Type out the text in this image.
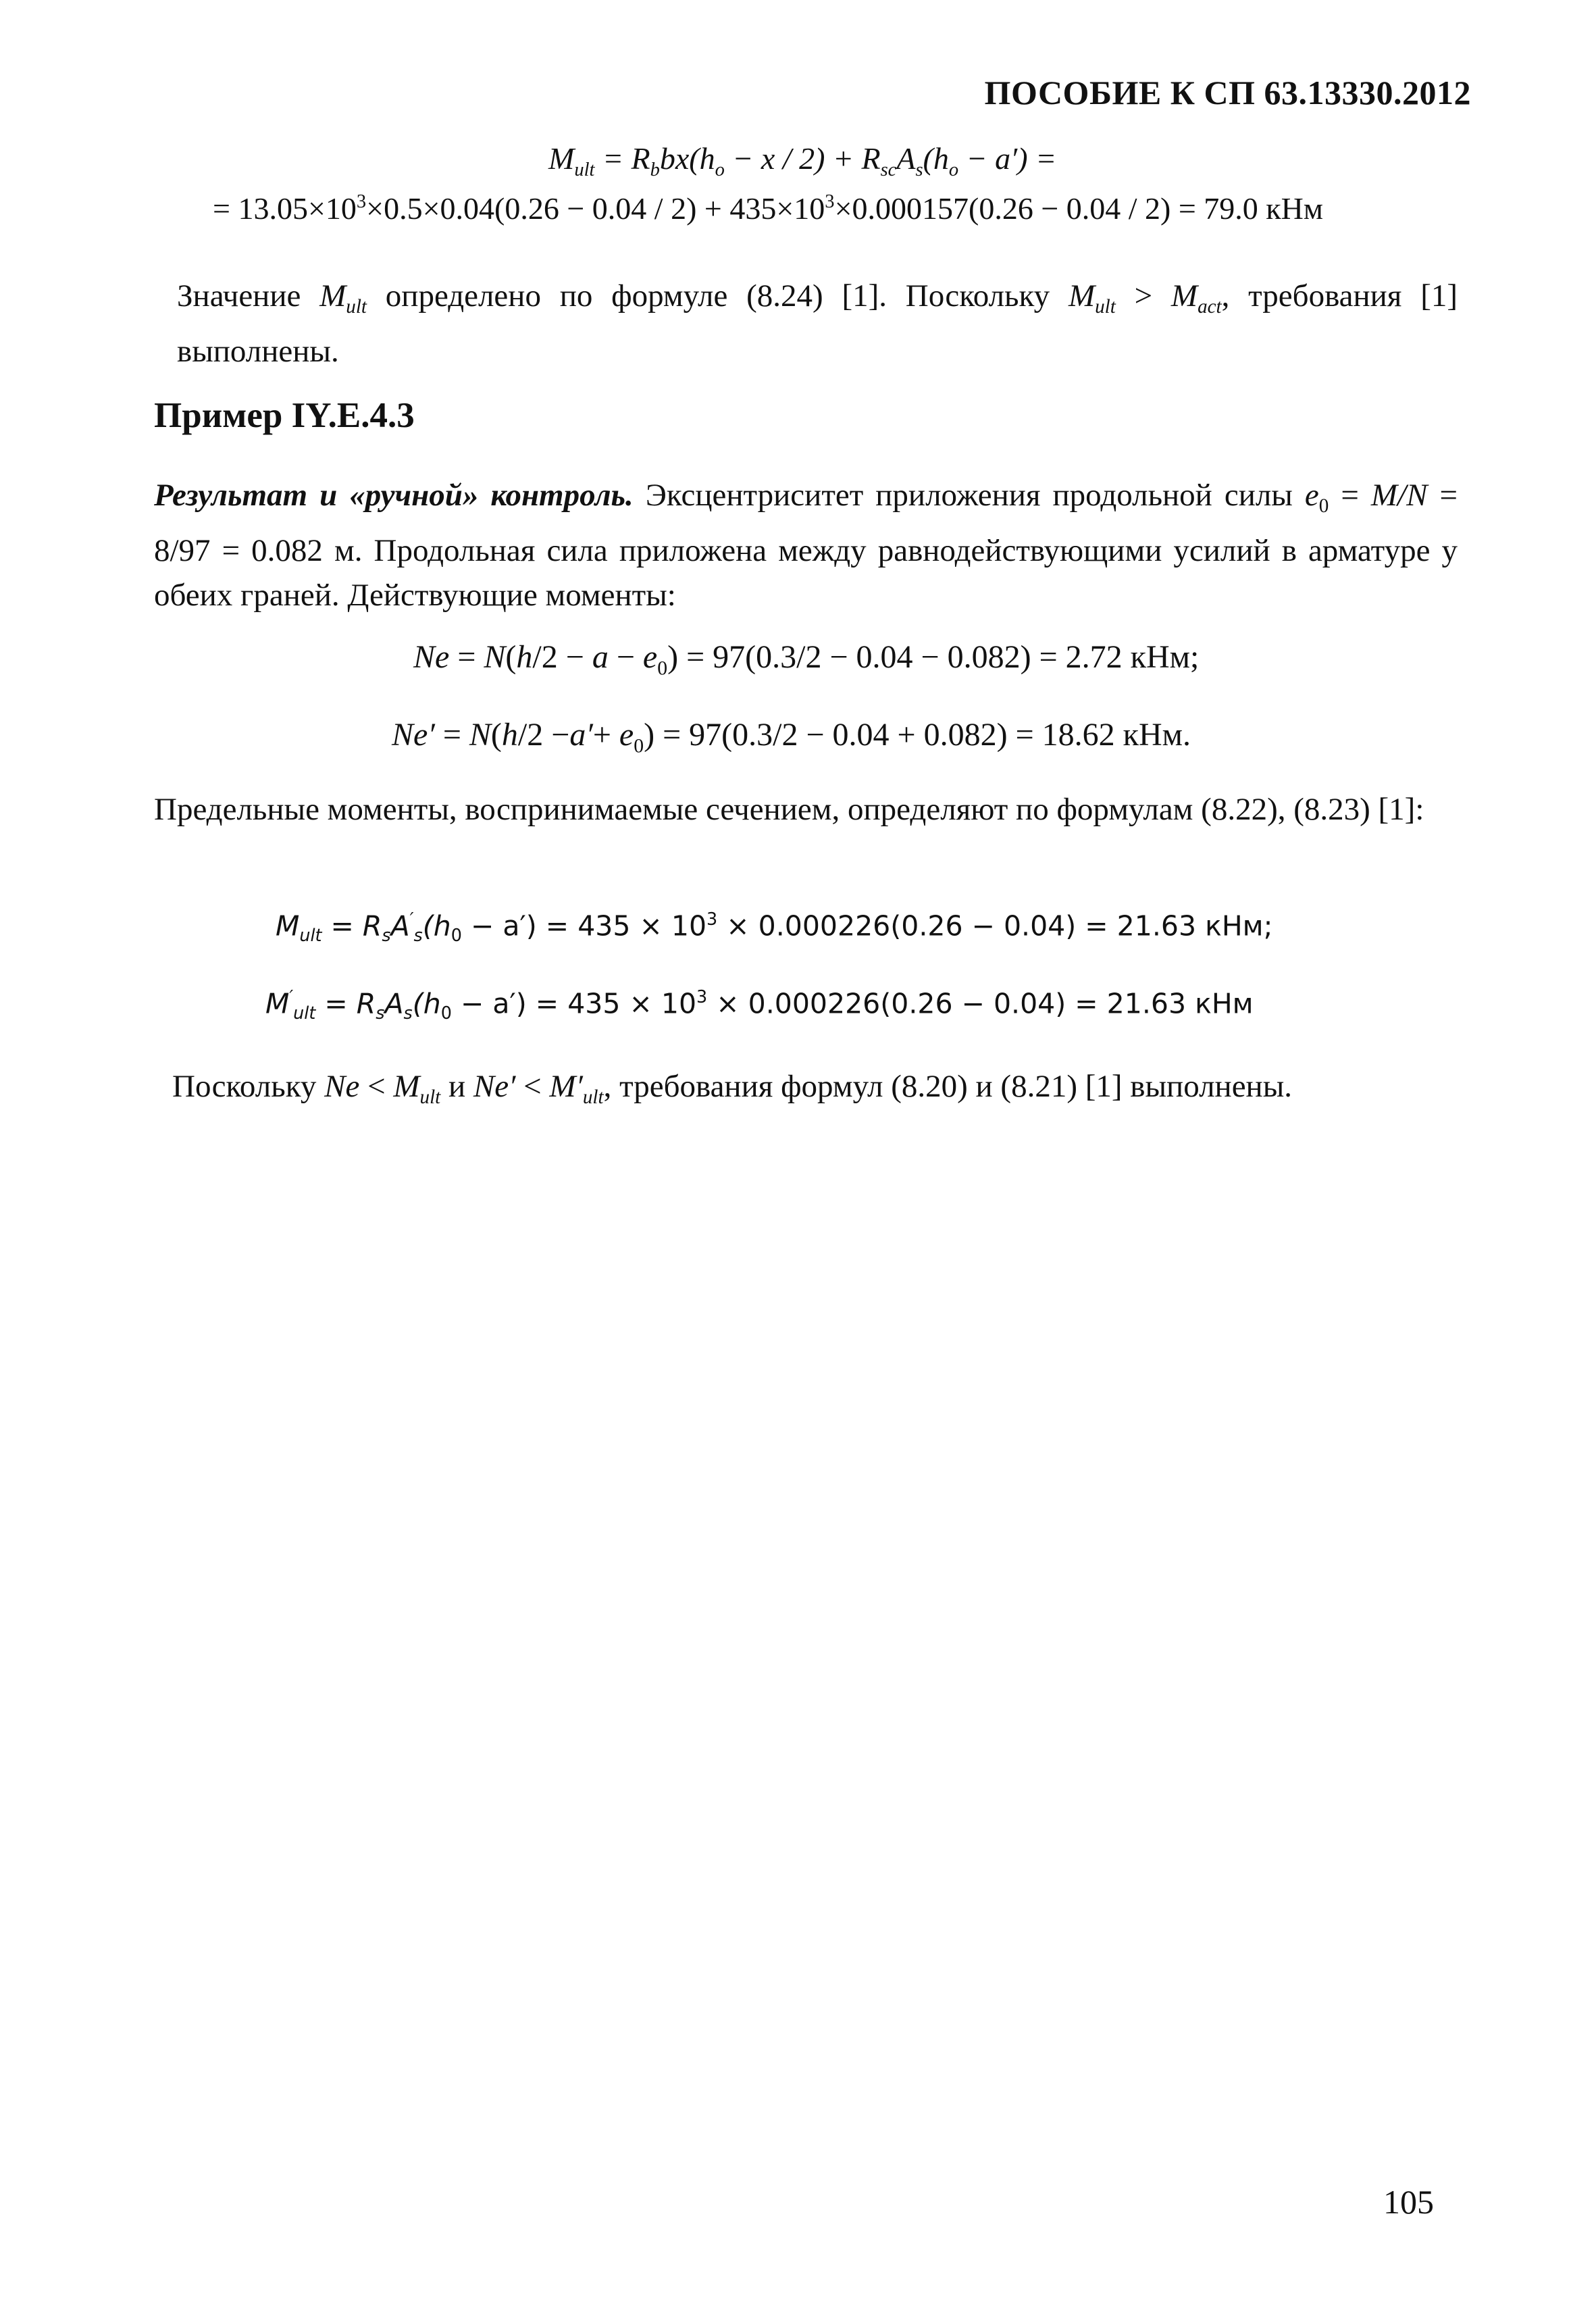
ПОСОБИЕ К СП 63.13330.2012
$M_{ult} = R_bbx(h_o - x / 2) + R_{sc}A_s(h_o - a')$ =
= $13.05\times 10^3\times 0.5\times 0.04(0.26 - 0.04 / 2) + 435\times 10^3\times 0.000157(0.26 - 0.04 / 2) = 79.0$ кНм
Значение $M_{ult}$ определено по формуле (8.24) [1]. Поскольку $M_{ult} > M_{act}$, требования [1] выполнены.
Пример IY.E.4.3
Результат и «ручной» контроль. Эксцентриситет приложения продольной силы $e_0 = M/N = 8/97 = 0.082$ м. Продольная сила приложена между равнодействующими усилий в арматуре у обеих граней. Действующие моменты:
$Ne = N(h/2 - a - e_0) = 97(0.3/2 - 0.04 - 0.082) = 2.72$ кНм;
$Ne' = N(h/2 -a'+ e_0) = 97(0.3/2 - 0.04 + 0.082) = 18.62$ кНм.
Предельные моменты, воспринимаемые сечением, определяют по формулам (8.22), (8.23) [1]:
$M_{ult} = R_sA'_s(h_0 - a') = 435 \times 10^3 \times 0.000226(0.26 - 0.04) = 21.63$ кНм;
$M'_{ult} = R_sA_s(h_0 - a') = 435 \times 10^3 \times 0.000226(0.26 - 0.04) = 21.63$ кНм
Поскольку $Ne < M_{ult}$ и $Ne' < M'_{ult}$, требования формул (8.20) и (8.21) [1] выполнены.
105
